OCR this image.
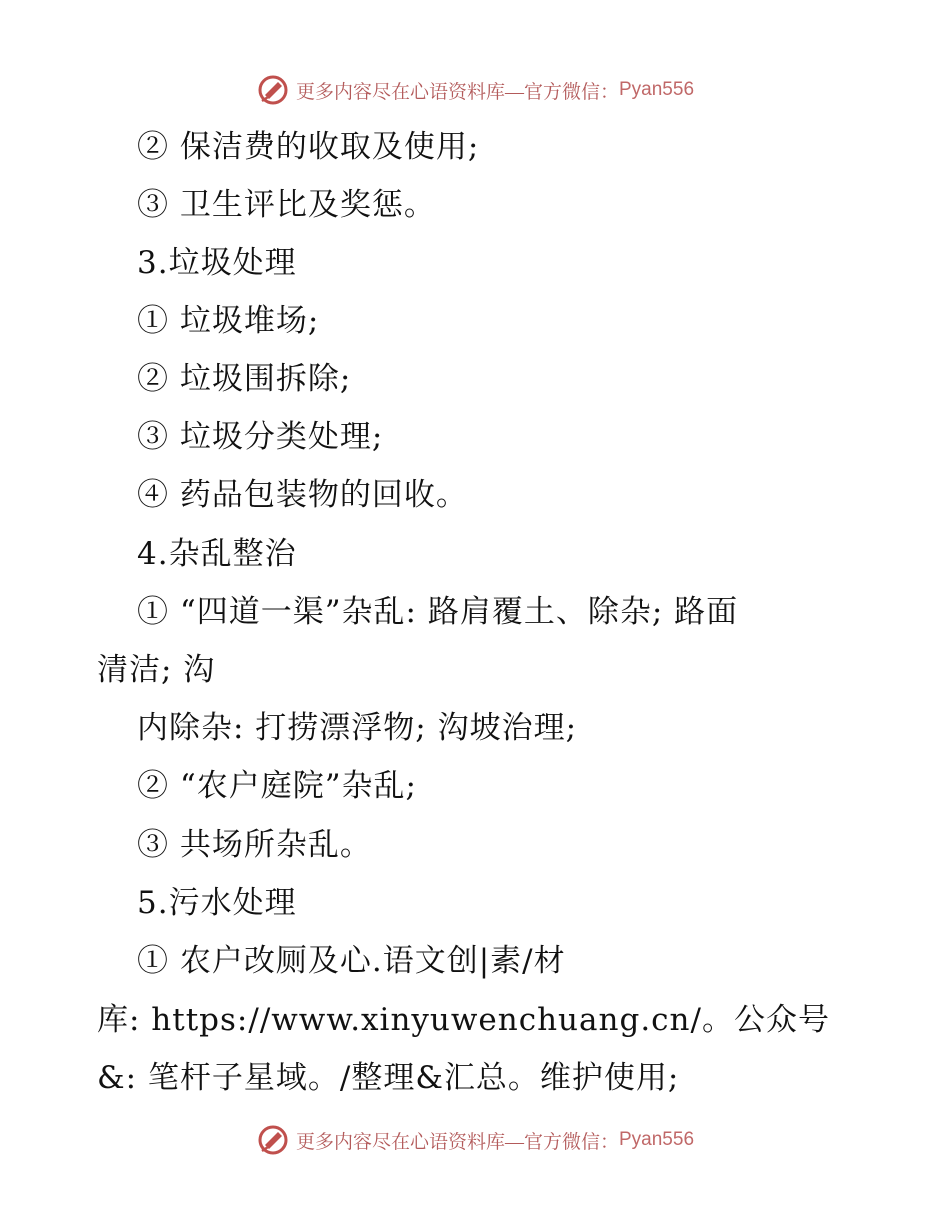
更多内容尽在心语资料库—官方微信： Pyan556
② 保洁费的收取及使用;
③ 卫生评比及奖惩。
3.垃圾处理
① 垃圾堆场;
② 垃圾围拆除;
③ 垃圾分类处理;
④ 药品包装物的回收。
4.杂乱整治
① “四道一渠”杂乱: 路肩覆土、除杂; 路面
清洁; 沟
内除杂: 打捞漂浮物; 沟坡治理;
② “农户庭院”杂乱;
③ 共场所杂乱。
5.污水处理
① 农户改厕及心.语文创|素/材
库: https://www.xinyuwenchuang.cn/。公众号
&: 笔杆子星域。/整理&汇总。维护使用;
更多内容尽在心语资料库—官方微信： Pyan556
